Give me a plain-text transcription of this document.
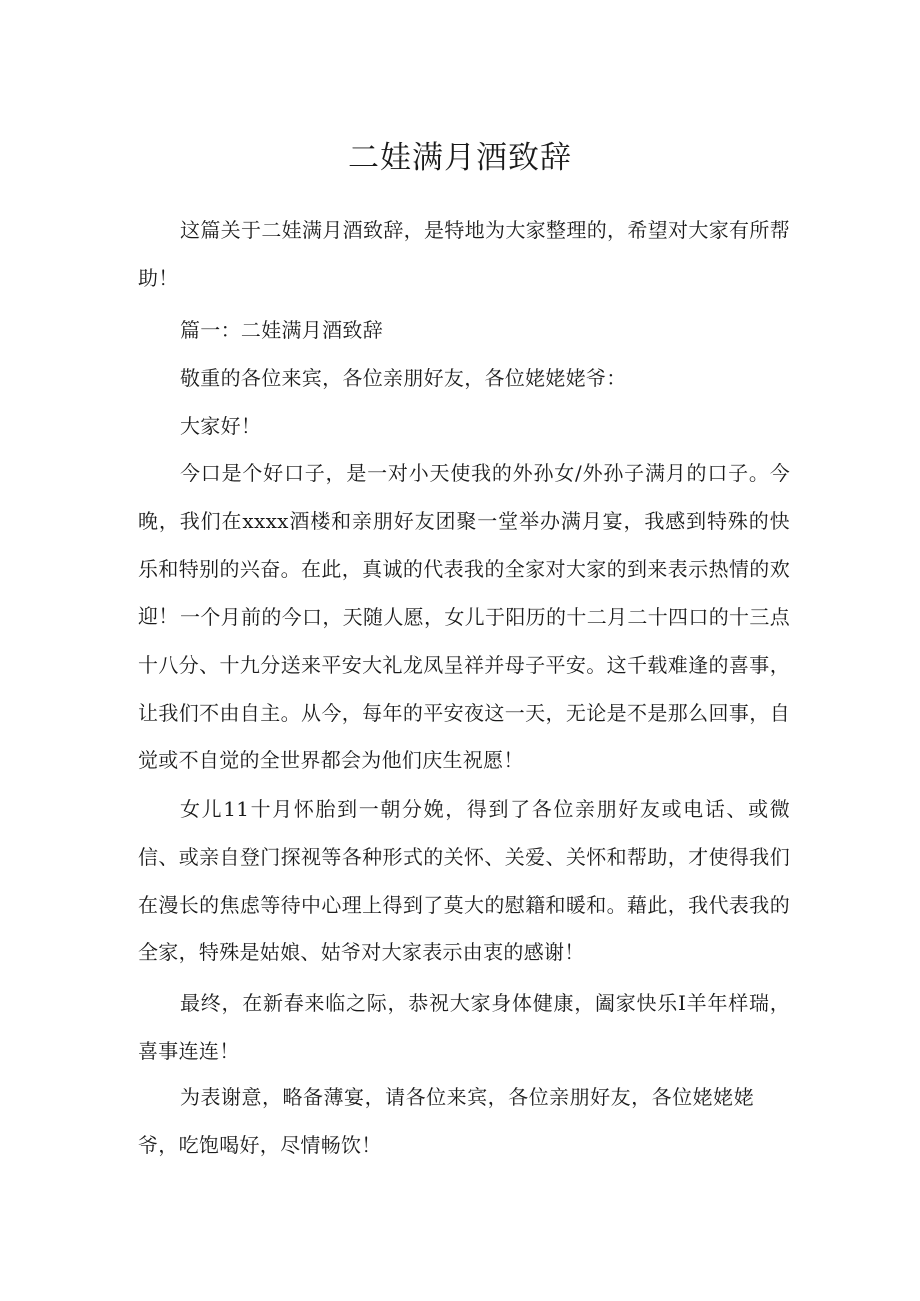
二娃满月酒致辞

这篇关于二娃满月酒致辞，是特地为大家整理的，希望对大家有所帮助！

篇一：二娃满月酒致辞

敬重的各位来宾，各位亲朋好友，各位姥姥姥爷：

大家好！

今口是个好口子，是一对小天使我的外孙女/外孙子满月的口子。今晚，我们在xxxx酒楼和亲朋好友团聚一堂举办满月宴，我感到特殊的快乐和特别的兴奋。在此，真诚的代表我的全家对大家的到来表示热情的欢迎！ 一个月前的今口，天随人愿，女儿于阳历的十二月二十四口的十三点十八分、十九分送来平安大礼龙凤呈祥并母子平安。这千载难逢的喜事，让我们不由自主。从今，每年的平安夜这一天，无论是不是那么回事，自觉或不自觉的全世界都会为他们庆生祝愿！

女儿11十月怀胎到一朝分娩，得到了各位亲朋好友或电话、或微信、或亲自登门探视等各种形式的关怀、关爱、关怀和帮助，才使得我们在漫长的焦虑等待中心理上得到了莫大的慰籍和暖和。藉此，我代表我的全家，特殊是姑娘、姑爷对大家表示由衷的感谢！

最终，在新春来临之际，恭祝大家身体健康，阖家快乐I羊年样瑞，喜事连连！

为表谢意，略备薄宴，请各位来宾，各位亲朋好友，各位姥姥姥爷，吃饱喝好，尽情畅饮！
